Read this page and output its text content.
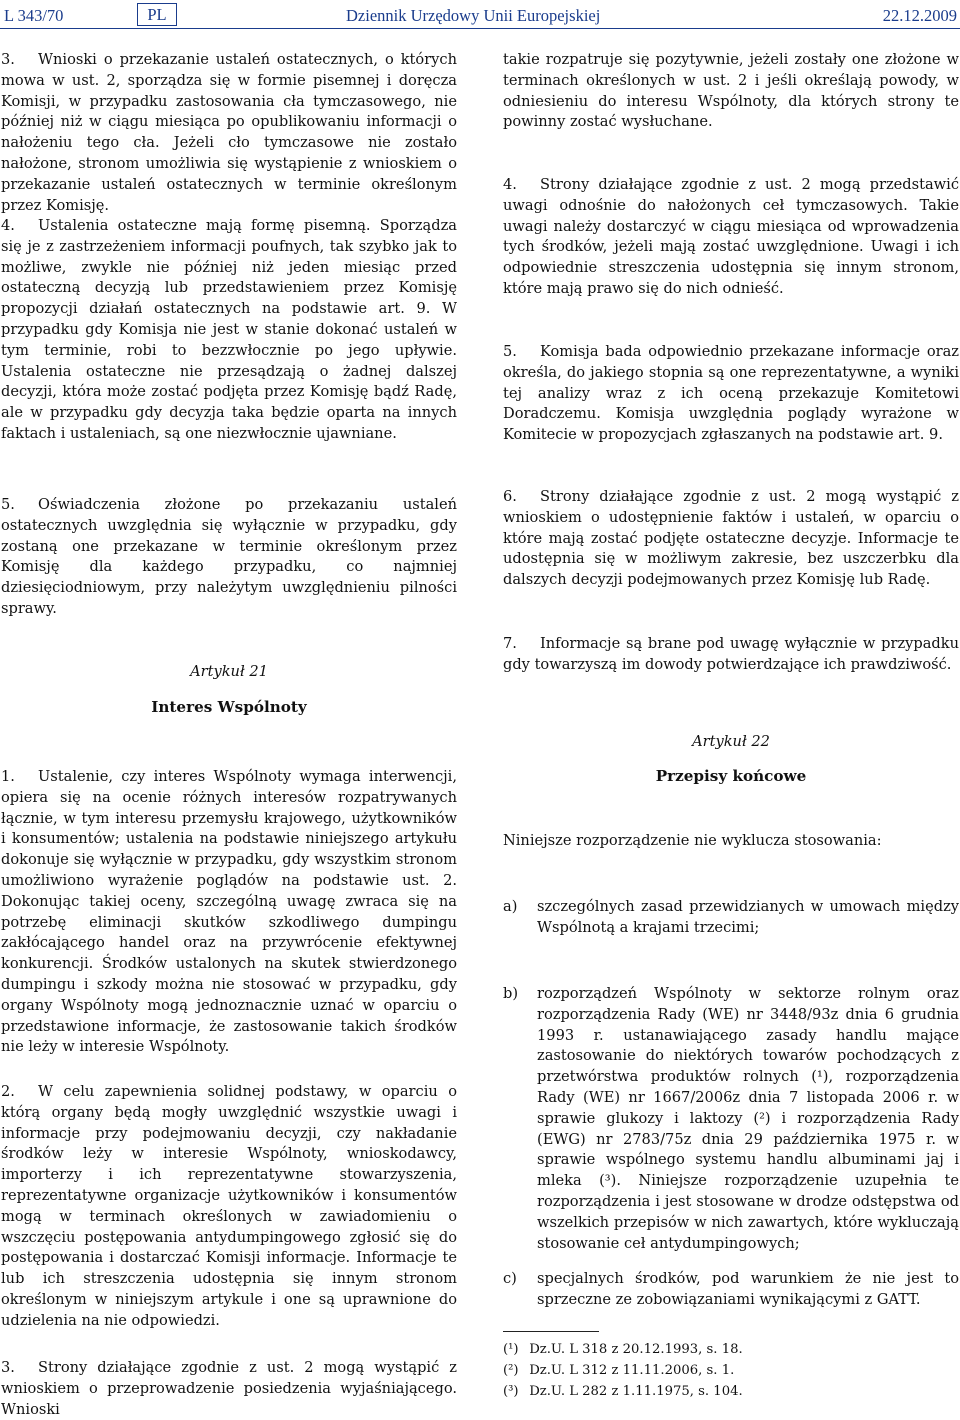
L 343/70	PL	Dziennik Urzędowy Unii Europejskiej	22.12.2009

3. Wnioski o przekazanie ustaleń ostatecznych, o których mowa w ust. 2, sporządza się w formie pisemnej i doręcza Komisji, w przypadku zastosowania cła tymczasowego, nie później niż w ciągu miesiąca po opublikowaniu informacji o nałożeniu tego cła. Jeżeli cło tymczasowe nie zostało nałożone, stronom umożliwia się wystąpienie z wnioskiem o przekazanie ustaleń ostatecznych w terminie określonym przez Komisję.

4. Ustalenia ostateczne mają formę pisemną. Sporządza się je z zastrzeżeniem informacji poufnych, tak szybko jak to możliwe, zwykle nie później niż jeden miesiąc przed ostateczną decyzją lub przedstawieniem przez Komisję propozycji działań ostatecznych na podstawie art. 9. W przypadku gdy Komisja nie jest w stanie dokonać ustaleń w tym terminie, robi to bezzwłocznie po jego upływie. Ustalenia ostateczne nie przesądzają o żadnej dalszej decyzji, która może zostać podjęta przez Komisję bądź Radę, ale w przypadku gdy decyzja taka będzie oparta na innych faktach i ustaleniach, są one niezwłocznie ujawniane.

5. Oświadczenia złożone po przekazaniu ustaleń ostatecznych uwzględnia się wyłącznie w przypadku, gdy zostaną one przekazane w terminie określonym przez Komisję dla każdego przypadku, co najmniej dziesięciodniowym, przy należytym uwzględnieniu pilności sprawy.

Artykuł 21

Interes Wspólnoty

1. Ustalenie, czy interes Wspólnoty wymaga interwencji, opiera się na ocenie różnych interesów rozpatrywanych łącznie, w tym interesu przemysłu krajowego, użytkowników i konsumentów; ustalenia na podstawie niniejszego artykułu dokonuje się wyłącznie w przypadku, gdy wszystkim stronom umożliwiono wyrażenie poglądów na podstawie ust. 2. Dokonując takiej oceny, szczególną uwagę zwraca się na potrzebę eliminacji skutków szkodliwego dumpingu zakłócającego handel oraz na przywrócenie efektywnej konkurencji. Środków ustalonych na skutek stwierdzonego dumpingu i szkody można nie stosować w przypadku, gdy organy Wspólnoty mogą jednoznacznie uznać w oparciu o przedstawione informacje, że zastosowanie takich środków nie leży w interesie Wspólnoty.

2. W celu zapewnienia solidnej podstawy, w oparciu o którą organy będą mogły uwzględnić wszystkie uwagi i informacje przy podejmowaniu decyzji, czy nakładanie środków leży w interesie Wspólnoty, wnioskodawcy, importerzy i ich reprezentatywne stowarzyszenia, reprezentatywne organizacje użytkowników i konsumentów mogą w terminach określonych w zawiadomieniu o wszczęciu postępowania antydumpingowego zgłosić się do postępowania i dostarczać Komisji informacje. Informacje te lub ich streszczenia udostępnia się innym stronom określonym w niniejszym artykule i one są uprawnione do udzielenia na nie odpowiedzi.

3. Strony działające zgodnie z ust. 2 mogą wystąpić z wnioskiem o przeprowadzenie posiedzenia wyjaśniającego. Wnioski

takie rozpatruje się pozytywnie, jeżeli zostały one złożone w terminach określonych w ust. 2 i jeśli określają powody, w odniesieniu do interesu Wspólnoty, dla których strony te powinny zostać wysłuchane.

4. Strony działające zgodnie z ust. 2 mogą przedstawić uwagi odnośnie do nałożonych ceł tymczasowych. Takie uwagi należy dostarczyć w ciągu miesiąca od wprowadzenia tych środków, jeżeli mają zostać uwzględnione. Uwagi i ich odpowiednie streszczenia udostępnia się innym stronom, które mają prawo się do nich odnieść.

5. Komisja bada odpowiednio przekazane informacje oraz określa, do jakiego stopnia są one reprezentatywne, a wyniki tej analizy wraz z ich oceną przekazuje Komitetowi Doradczemu. Komisja uwzględnia poglądy wyrażone w Komitecie w propozycjach zgłaszanych na podstawie art. 9.

6. Strony działające zgodnie z ust. 2 mogą wystąpić z wnioskiem o udostępnienie faktów i ustaleń, w oparciu o które mają zostać podjęte ostateczne decyzje. Informacje te udostępnia się w możliwym zakresie, bez uszczerbku dla dalszych decyzji podejmowanych przez Komisję lub Radę.

7. Informacje są brane pod uwagę wyłącznie w przypadku gdy towarzyszą im dowody potwierdzające ich prawdziwość.

Artykuł 22

Przepisy końcowe

Niniejsze rozporządzenie nie wyklucza stosowania:

a) szczególnych zasad przewidzianych w umowach między Wspólnotą a krajami trzecimi;

b) rozporządzeń Wspólnoty w sektorze rolnym oraz rozporządzenia Rady (WE) nr 3448/93z dnia 6 grudnia 1993 r. ustanawiającego zasady handlu mające zastosowanie do niektórych towarów pochodzących z przetwórstwa produktów rolnych (¹), rozporządzenia Rady (WE) nr 1667/2006z dnia 7 listopada 2006 r. w sprawie glukozy i laktozy (²) i rozporządzenia Rady (EWG) nr 2783/75z dnia 29 października 1975 r. w sprawie wspólnego systemu handlu albuminami jaj i mleka (³). Niniejsze rozporządzenie uzupełnia te rozporządzenia i jest stosowane w drodze odstępstwa od wszelkich przepisów w nich zawartych, które wykluczają stosowanie ceł antydumpingowych;

c) specjalnych środków, pod warunkiem że nie jest to sprzeczne ze zobowiązaniami wynikającymi z GATT.

(¹) Dz.U. L 318 z 20.12.1993, s. 18.

(²) Dz.U. L 312 z 11.11.2006, s. 1.

(³) Dz.U. L 282 z 1.11.1975, s. 104.
